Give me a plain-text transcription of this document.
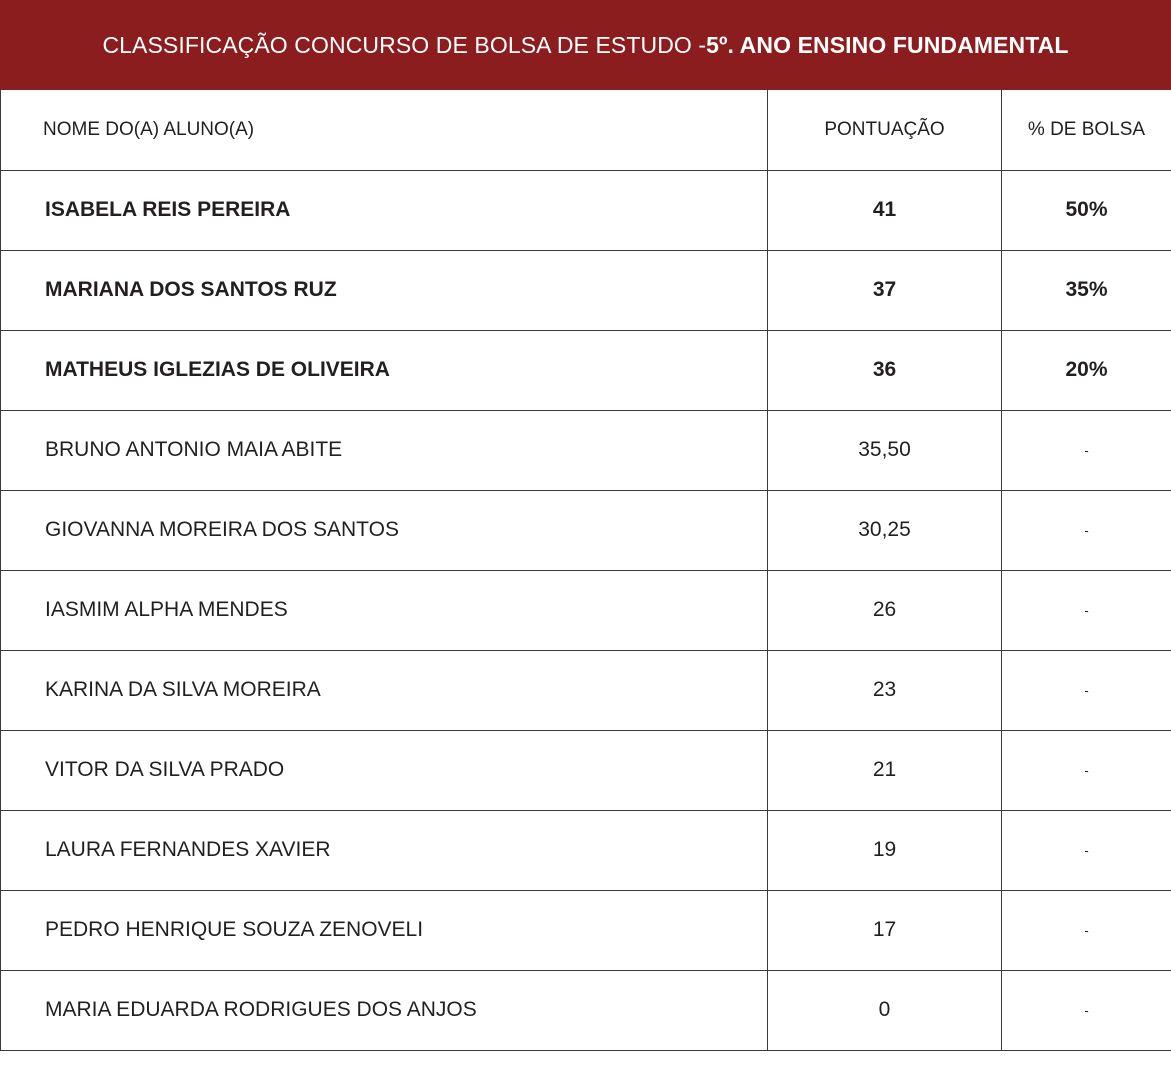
CLASSIFICAÇÃO CONCURSO DE BOLSA DE ESTUDO - 5º. ANO ENSINO FUNDAMENTAL
NOME DO(A) ALUNO(A)	PONTUAÇÃO	% DE BOLSA
ISABELA REIS PEREIRA	41	50%
MARIANA DOS SANTOS RUZ	37	35%
MATHEUS IGLEZIAS DE OLIVEIRA	36	20%
BRUNO ANTONIO MAIA ABITE	35,50	-
GIOVANNA MOREIRA DOS SANTOS	30,25	-
IASMIM ALPHA MENDES	26	-
KARINA DA SILVA MOREIRA	23	-
VITOR DA SILVA PRADO	21	-
LAURA FERNANDES XAVIER	19	-
PEDRO HENRIQUE SOUZA ZENOVELI	17	-
MARIA EDUARDA RODRIGUES DOS ANJOS	0	-
